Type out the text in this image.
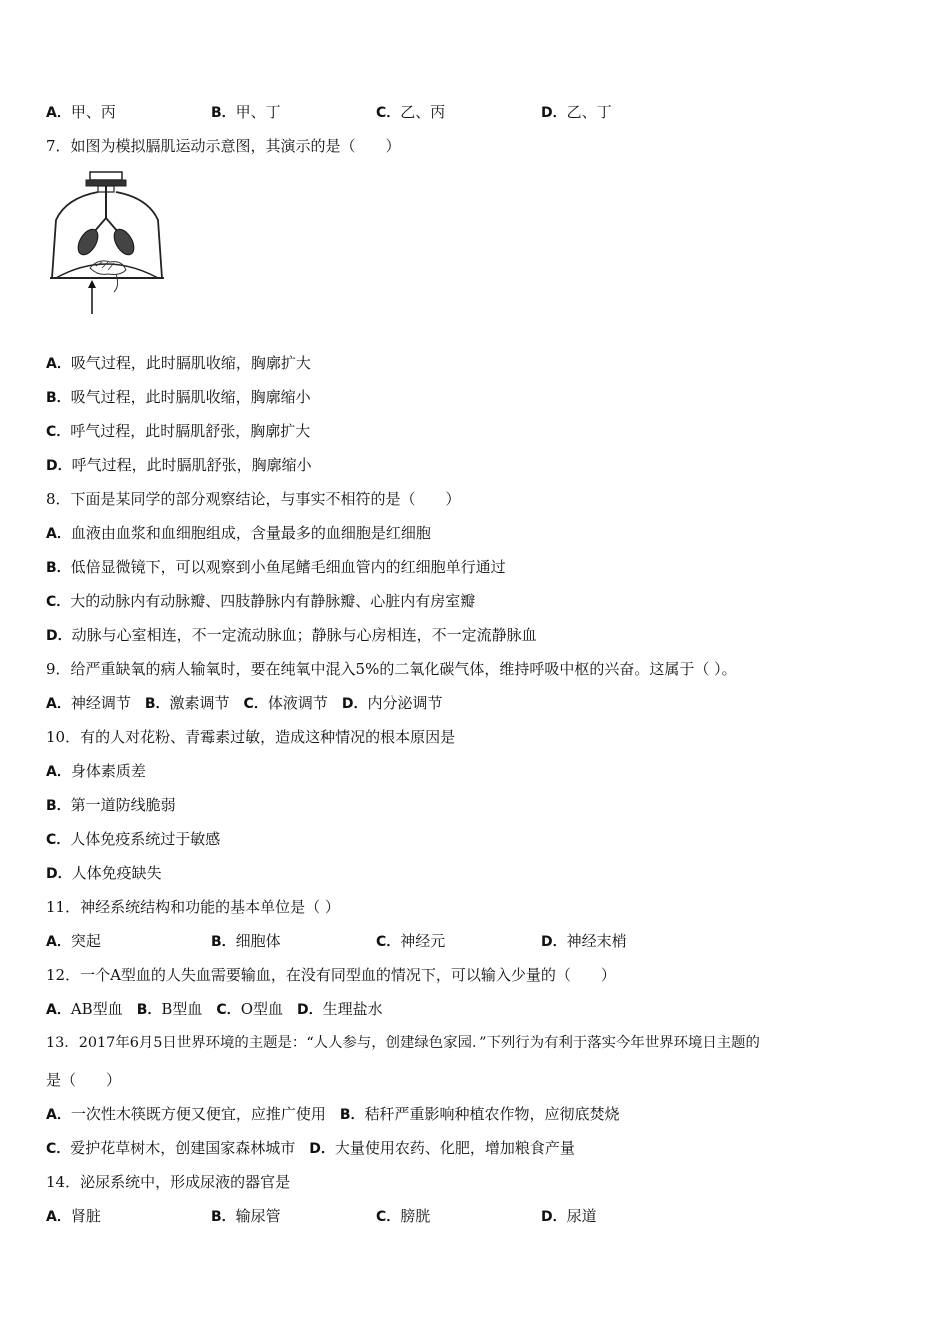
A．甲、丙	B．甲、丁	C．乙、丙	D．乙、丁
7．如图为模拟膈肌运动示意图，其演示的是（　　）
A．吸气过程，此时膈肌收缩，胸廓扩大
B．吸气过程，此时膈肌收缩，胸廓缩小
C．呼气过程，此时膈肌舒张，胸廓扩大
D．呼气过程，此时膈肌舒张，胸廓缩小
8．下面是某同学的部分观察结论，与事实不相符的是（　　）
A．血液由血浆和血细胞组成，含量最多的血细胞是红细胞
B．低倍显微镜下，可以观察到小鱼尾鳍毛细血管内的红细胞单行通过
C．大的动脉内有动脉瓣、四肢静脉内有静脉瓣、心脏内有房室瓣
D．动脉与心室相连，不一定流动脉血；静脉与心房相连，不一定流静脉血
9．给严重缺氧的病人输氧时，要在纯氧中混入5%的二氧化碳气体，维持呼吸中枢的兴奋。这属于（ ）。
A．神经调节 B．激素调节 C．体液调节 D．内分泌调节
10．有的人对花粉、青霉素过敏，造成这种情况的根本原因是
A．身体素质差
B．第一道防线脆弱
C．人体免疫系统过于敏感
D．人体免疫缺失
11．神经系统结构和功能的基本单位是（ ）
A．突起	B．细胞体	C．神经元	D．神经末梢
12．一个A型血的人失血需要输血，在没有同型血的情况下，可以输入少量的（　　）
A．AB型血 B．B型血 C．O型血 D．生理盐水
13．2017年6月5日世界环境的主题是：“人人参与，创建绿色家园．”下列行为有利于落实今年世界环境日主题的
是（　　）
A．一次性木筷既方便又便宜，应推广使用 B．秸秆严重影响种植农作物，应彻底焚烧
C．爱护花草树木，创建国家森林城市 D．大量使用农药、化肥，增加粮食产量
14．泌尿系统中，形成尿液的器官是
A．肾脏	B．输尿管	C．膀胱	D．尿道
